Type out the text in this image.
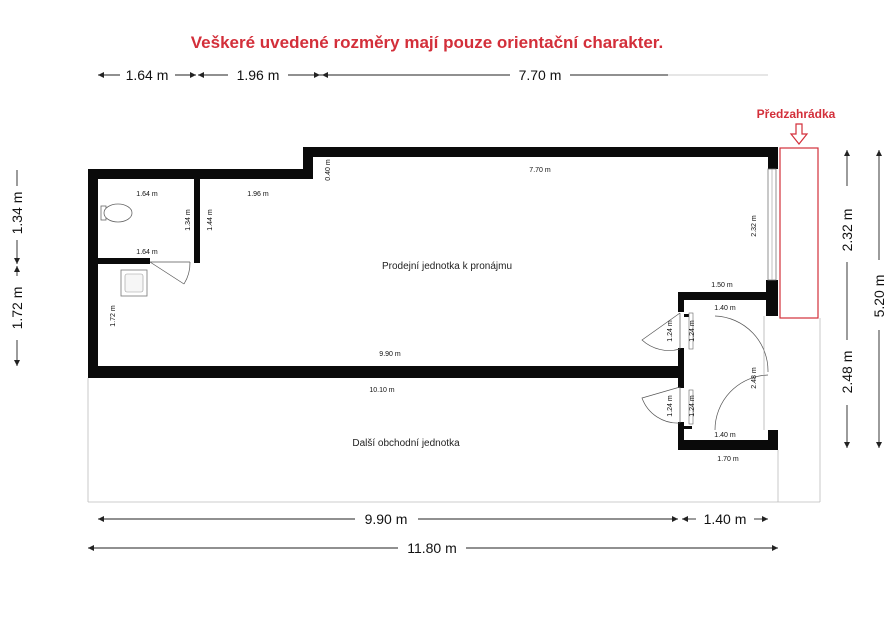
Veškeré uvedené rozměry mají pouze orientační charakter.
1.64 m	1.96 m	7.70 m
1.34 m
1.72 m
2.32 m
2.48 m
5.20 m
9.90 m	1.40 m
11.80 m
Předzahrádka
Prodejní jednotka k pronájmu
Další obchodní jednotka
1.64 m
1.64 m
1.34 m 1.44 m
1.72 m
1.96 m
0.40 m	7.70 m
2.32 m
9.90 m
10.10 m
1.50 m
1.40 m
1.40 m
1.70 m
1.24 m 1.24 m
1.24 m 1.24 m
2.48 m
